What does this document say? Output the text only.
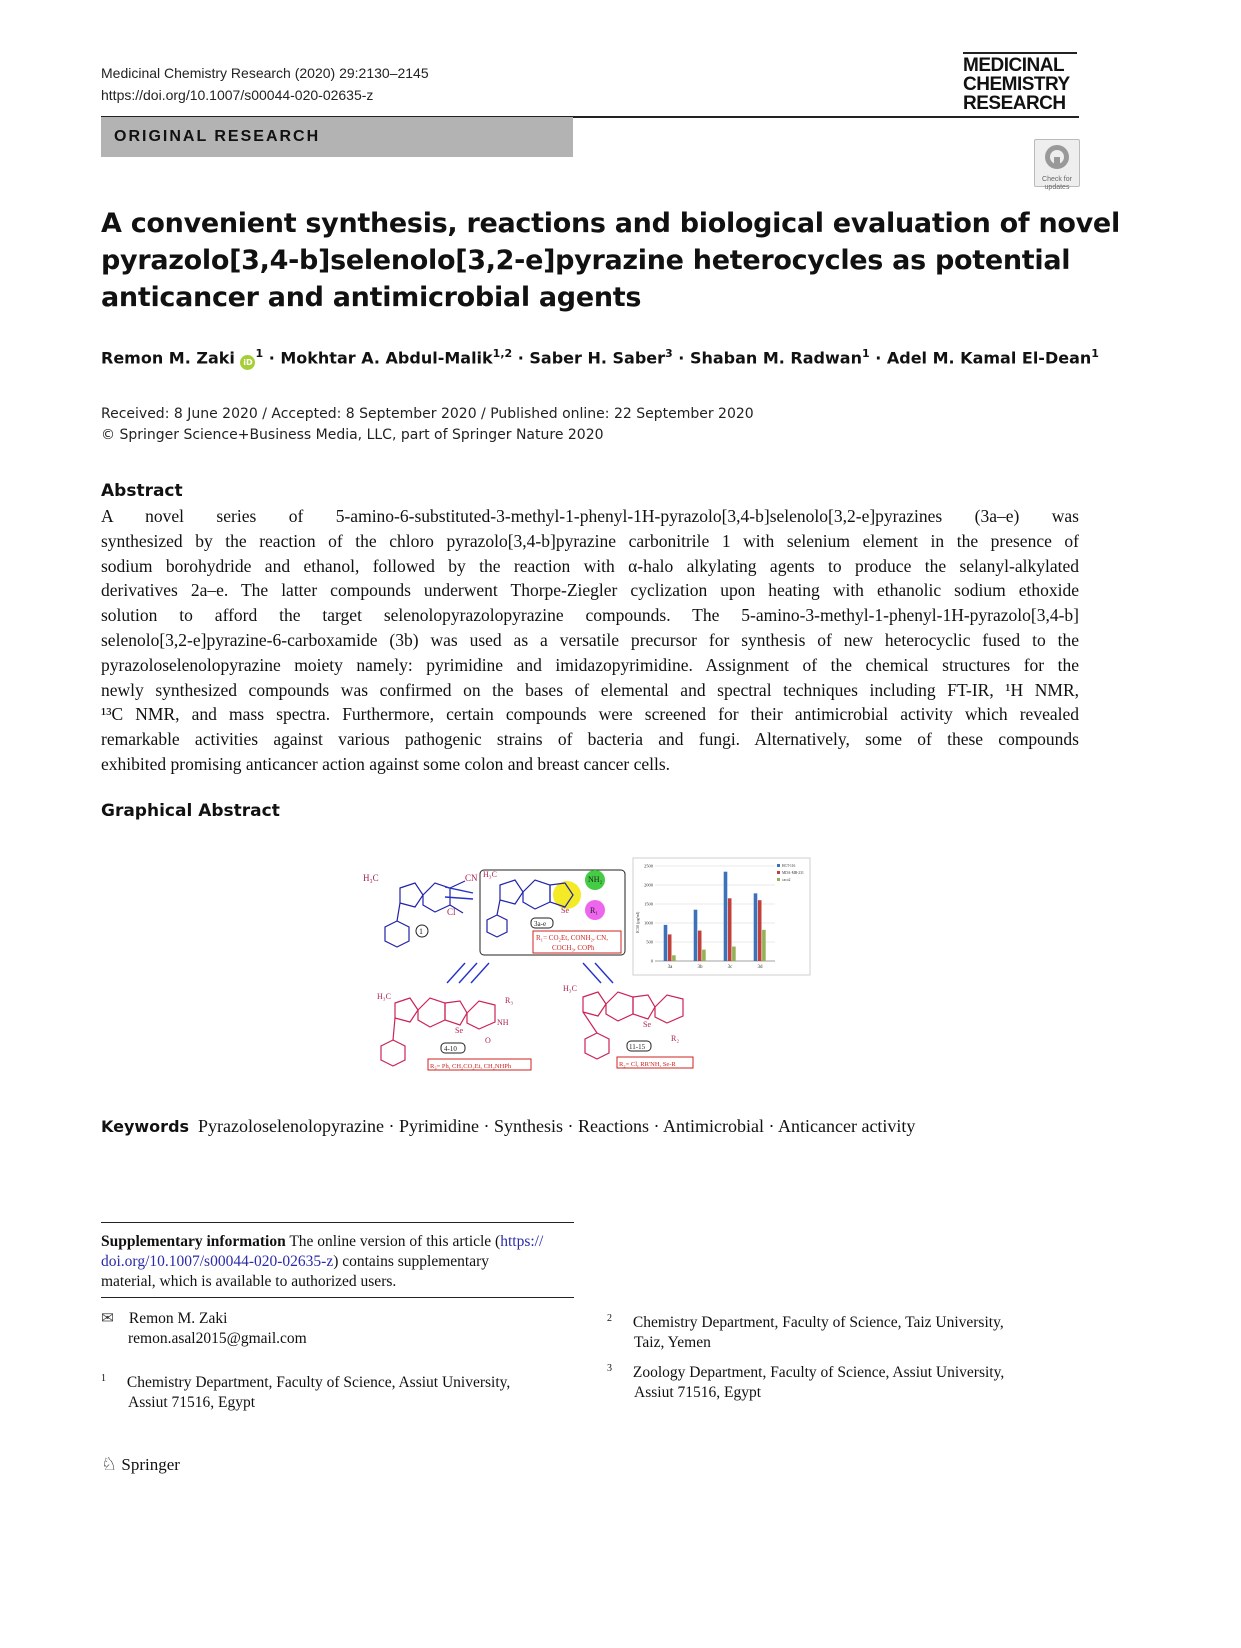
Medicinal Chemistry Research (2020) 29:2130–2145
https://doi.org/10.1007/s00044-020-02635-z
MEDICINAL
CHEMISTRY
RESEARCH
ORIGINAL RESEARCH
Check for updates
A convenient synthesis, reactions and biological evaluation of novel
pyrazolo[3,4-b]selenolo[3,2-e]pyrazine heterocycles as potential
anticancer and antimicrobial agents
Remon M. Zaki $iD^1$ · Mokhtar A. Abdul-Malik$^{1,2}$ · Saber H. Saber$^3$ · Shaban M. Radwan$^1$ · Adel M. Kamal El-Dean$^1$
Received: 8 June 2020 / Accepted: 8 September 2020 / Published online: 22 September 2020
© Springer Science+Business Media, LLC, part of Springer Nature 2020
Abstract
A novel series of 5-amino-6-substituted-3-methyl-1-phenyl-1H-pyrazolo[3,4-b]selenolo[3,2-e]pyrazines (3a–e) was
synthesized by the reaction of the chloro pyrazolo[3,4-b]pyrazine carbonitrile 1 with selenium element in the presence of
sodium borohydride and ethanol, followed by the reaction with α-halo alkylating agents to produce the selanyl-alkylated
derivatives 2a–e. The latter compounds underwent Thorpe-Ziegler cyclization upon heating with ethanolic sodium ethoxide
solution to afford the target selenolopyrazolopyrazine compounds. The 5-amino-3-methyl-1-phenyl-1H-pyrazolo[3,4-b]
selenolo[3,2-e]pyrazine-6-carboxamide (3b) was used as a versatile precursor for synthesis of new heterocyclic fused to the
pyrazoloselenolopyrazine moiety namely: pyrimidine and imidazopyrimidine. Assignment of the chemical structures for the
newly synthesized compounds was confirmed on the bases of elemental and spectral techniques including FT-IR, ¹H NMR,
¹³C NMR, and mass spectra. Furthermore, certain compounds were screened for their antimicrobial activity which revealed
remarkable activities against various pathogenic strains of bacteria and fungi. Alternatively, some of these compounds
exhibited promising anticancer action against some colon and breast cancer cells.
Graphical Abstract
H₃C	CN
Cl
1
H₃C
Se
NH₂
R₁
3a-e
R₁= CO₂Et, CONH₂, CN,
COCH₃, COPh
H₃C
Se
R₃
NH
O
4-10
R₃= Ph, CH₂CO₂Et, CH₂NHPh
H₃C
Se
R₂
11-15
R₂= Cl, RR'NH, Se-R
0
500
1000
1500
2000
2500
3a	3b	3c	3d
HCT-116
MDA-MB-231
caco2
IC50 (µg/ml)
Keywords Pyrazoloselenolopyrazine · Pyrimidine · Synthesis · Reactions · Antimicrobial · Anticancer activity
Supplementary information The online version of this article (https://
doi.org/10.1007/s00044-020-02635-z) contains supplementary
material, which is available to authorized users.
✉ Remon M. Zaki
remon.asal2015@gmail.com
$^1$ Chemistry Department, Faculty of Science, Assiut University,
Assiut 71516, Egypt
$^2$ Chemistry Department, Faculty of Science, Taiz University,
Taiz, Yemen
$^3$ Zoology Department, Faculty of Science, Assiut University,
Assiut 71516, Egypt
♘ Springer
